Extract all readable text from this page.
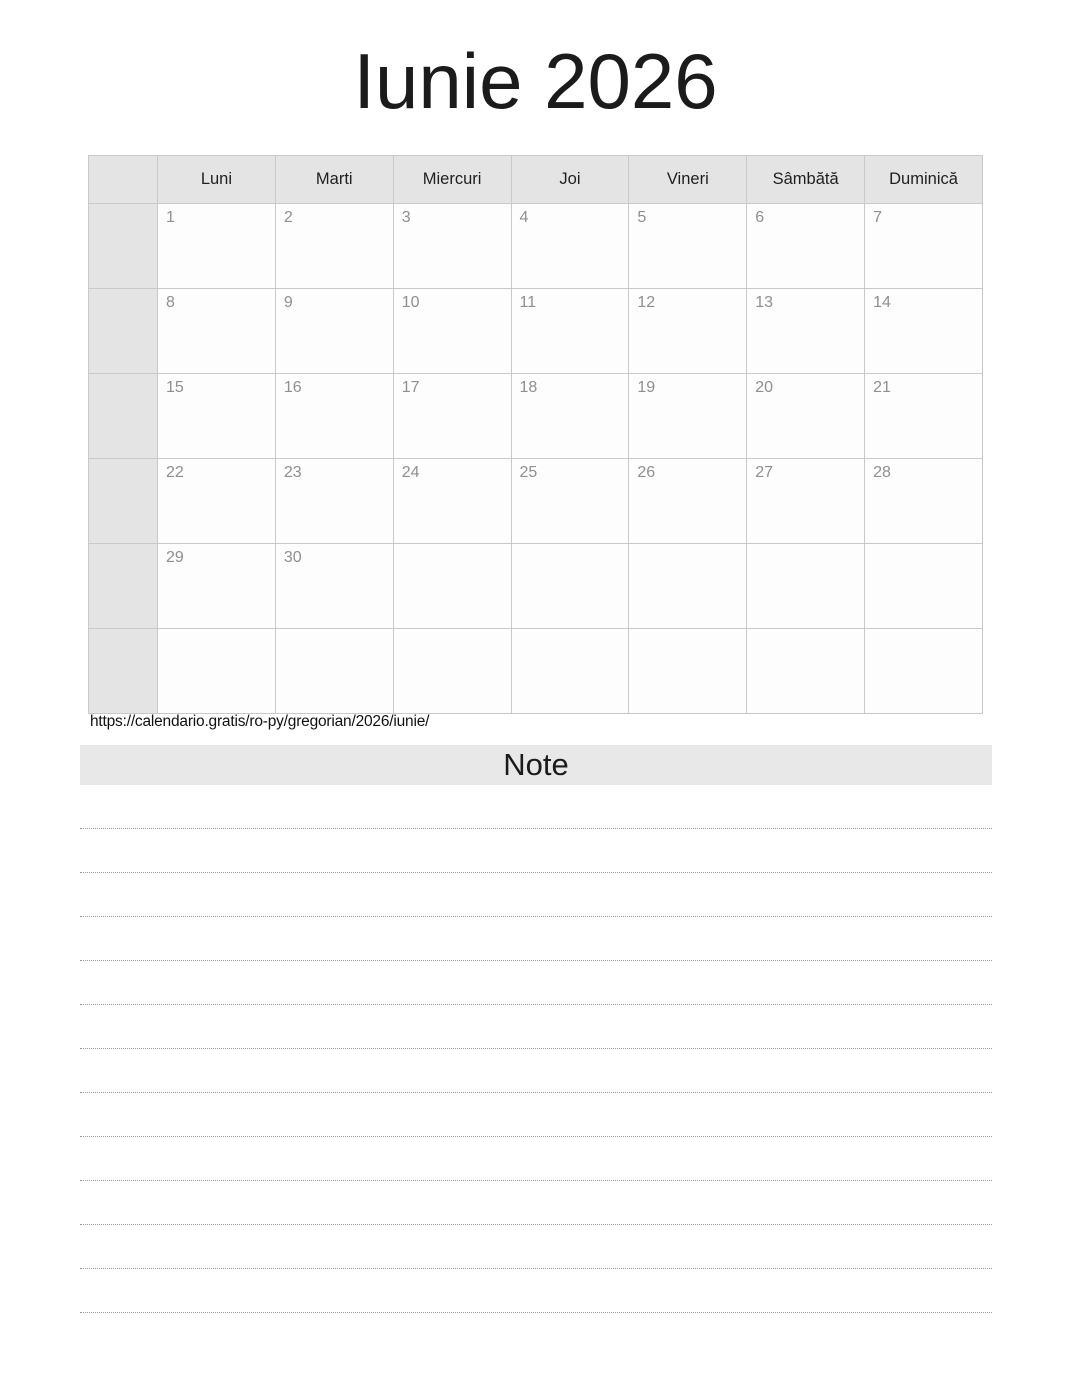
Iunie 2026
	Luni	Marti	Miercuri	Joi	Vineri	Sâmbătă	Duminică

	1	2	3	4	5	6	7

	8	9	10	11	12	13	14

	15	16	17	18	19	20	21

	22	23	24	25	26	27	28

	29	30					

https://calendario.gratis/ro-py/gregorian/2026/iunie/
Note
